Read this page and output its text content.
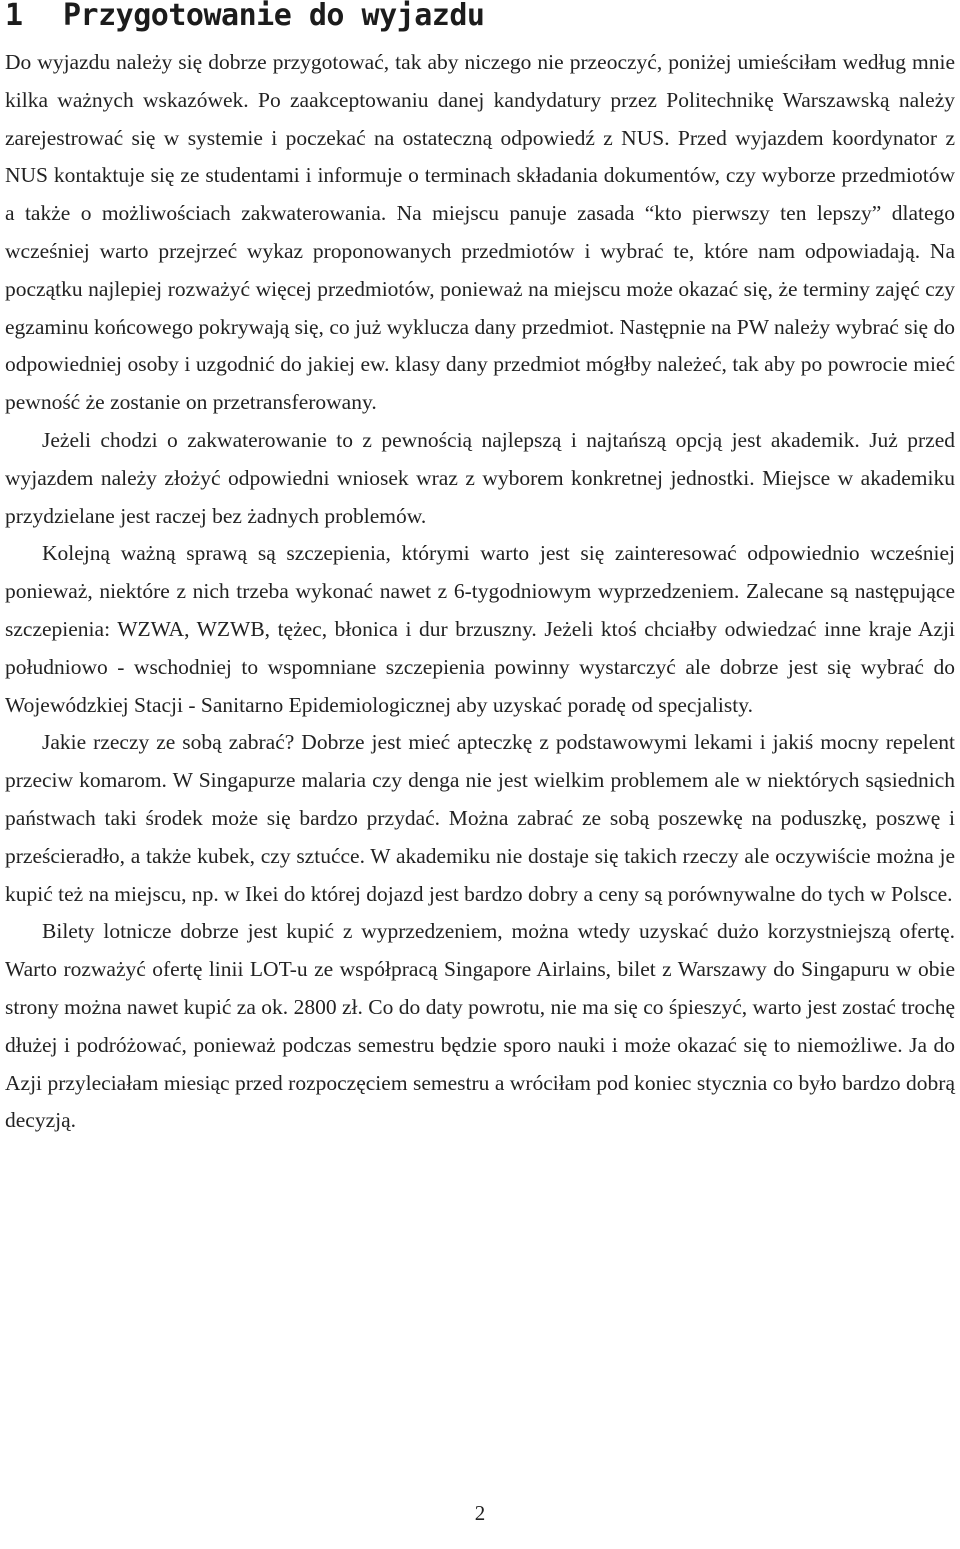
1 Przygotowanie do wyjazdu

Do wyjazdu należy się dobrze przygotować, tak aby niczego nie przeoczyć, poniżej umieściłam według mnie kilka ważnych wskazówek. Po zaakceptowaniu danej kandydatury przez Politechnikę Warszawską należy zarejestrować się w systemie i poczekać na ostateczną odpowiedź z NUS. Przed wyjazdem koordynator z NUS kontaktuje się ze studentami i informuje o terminach składania dokumentów, czy wyborze przedmiotów a także o możliwościach zakwaterowania. Na miejscu panuje zasada “kto pierwszy ten lepszy” dlatego wcześniej warto przejrzeć wykaz proponowanych przedmiotów i wybrać te, które nam odpowiadają. Na początku najlepiej rozważyć więcej przedmiotów, ponieważ na miejscu może okazać się, że terminy zajęć czy egzaminu końcowego pokrywają się, co już wyklucza dany przedmiot. Następnie na PW należy wybrać się do odpowiedniej osoby i uzgodnić do jakiej ew. klasy dany przedmiot mógłby należeć, tak aby po powrocie mieć pewność że zostanie on przetransferowany.

Jeżeli chodzi o zakwaterowanie to z pewnością najlepszą i najtańszą opcją jest akademik. Już przed wyjazdem należy złożyć odpowiedni wniosek wraz z wyborem konkretnej jednostki. Miejsce w akademiku przydzielane jest raczej bez żadnych problemów.

Kolejną ważną sprawą są szczepienia, którymi warto jest się zainteresować odpowiednio wcześniej ponieważ, niektóre z nich trzeba wykonać nawet z 6-tygodniowym wyprzedzeniem. Zalecane są następujące szczepienia: WZWA, WZWB, tężec, błonica i dur brzuszny. Jeżeli ktoś chciałby odwiedzać inne kraje Azji południowo - wschodniej to wspomniane szczepienia powinny wystarczyć ale dobrze jest się wybrać do Wojewódzkiej Stacji - Sanitarno Epidemiologicznej aby uzyskać poradę od specjalisty.

Jakie rzeczy ze sobą zabrać? Dobrze jest mieć apteczkę z podstawowymi lekami i jakiś mocny repelent przeciw komarom. W Singapurze malaria czy denga nie jest wielkim problemem ale w niektórych sąsiednich państwach taki środek może się bardzo przydać. Można zabrać ze sobą poszewkę na poduszkę, poszwę i prześcieradło, a także kubek, czy sztućce. W akademiku nie dostaje się takich rzeczy ale oczywiście można je kupić też na miejscu, np. w Ikei do której dojazd jest bardzo dobry a ceny są porównywalne do tych w Polsce.

Bilety lotnicze dobrze jest kupić z wyprzedzeniem, można wtedy uzyskać dużo korzystniejszą ofertę. Warto rozważyć ofertę linii LOT-u ze współpracą Singapore Airlains, bilet z Warszawy do Singapuru w obie strony można nawet kupić za ok. 2800 zł. Co do daty powrotu, nie ma się co śpieszyć, warto jest zostać trochę dłużej i podróżować, ponieważ podczas semestru będzie sporo nauki i może okazać się to niemożliwe. Ja do Azji przyleciałam miesiąc przed rozpoczęciem semestru a wróciłam pod koniec stycznia co było bardzo dobrą decyzją.

2
